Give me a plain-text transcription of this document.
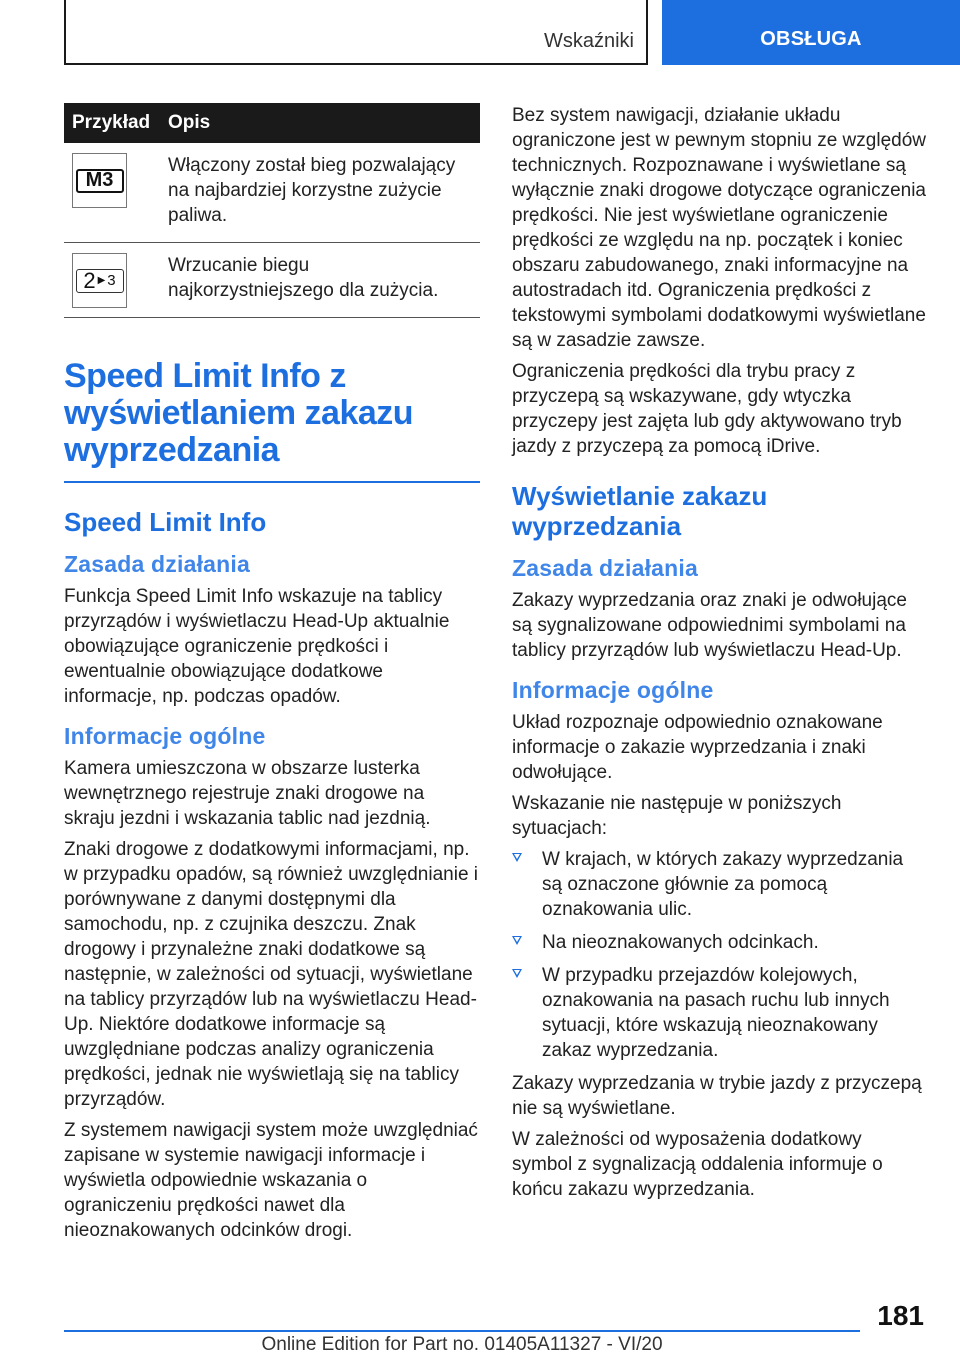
Wskaźniki	OBSŁUGA
Przykład	Opis

M3	Włączony został bieg pozwalający na najbardziej korzystne zużycie paliwa.

2 ▶ 3	Wrzucanie biegu najkorzystniejszego dla zużycia.
Speed Limit Info z wyświetlaniem zakazu wyprzedzania
Speed Limit Info
Zasada działania

Funkcja Speed Limit Info wskazuje na tablicy przyrządów i wyświetlaczu Head-Up aktualnie obowiązujące ograniczenie prędkości i ewentualnie obowiązujące dodatkowe informacje, np. podczas opadów.

Informacje ogólne

Kamera umieszczona w obszarze lusterka wewnętrznego rejestruje znaki drogowe na skraju jezdni i wskazania tablic nad jezdnią.

Znaki drogowe z dodatkowymi informacjami, np. w przypadku opadów, są również uwzględnianie i porównywane z danymi dostępnymi dla samochodu, np. z czujnika deszczu. Znak drogowy i przynależne znaki dodatkowe są następnie, w zależności od sytuacji, wyświetlane na tablicy przyrządów lub na wyświetlaczu Head-Up. Niektóre dodatkowe informacje są uwzględniane podczas analizy ograniczenia prędkości, jednak nie wyświetlają się na tablicy przyrządów.

Z systemem nawigacji system może uwzględniać zapisane w systemie nawigacji informacje i wyświetla odpowiednie wskazania o ograniczeniu prędkości nawet dla nieoznakowanych odcinków drogi.

Bez system nawigacji, działanie układu ograniczone jest w pewnym stopniu ze względów technicznych. Rozpoznawane i wyświetlane są wyłącznie znaki drogowe dotyczące ograniczenia prędkości. Nie jest wyświetlane ograniczenie prędkości ze względu na np. początek i koniec obszaru zabudowanego, znaki informacyjne na autostradach itd. Ograniczenia prędkości z tekstowymi symbolami dodatkowymi wyświetlane są w zasadzie zawsze.

Ograniczenia prędkości dla trybu pracy z przyczepą są wskazywane, gdy wtyczka przyczepy jest zajęta lub gdy aktywowano tryb jazdy z przyczepą za pomocą iDrive.

Wyświetlanie zakazu wyprzedzania
Zasada działania

Zakazy wyprzedzania oraz znaki je odwołujące są sygnalizowane odpowiednimi symbolami na tablicy przyrządów lub wyświetlaczu Head-Up.

Informacje ogólne

Układ rozpoznaje odpowiednio oznakowane informacje o zakazie wyprzedzania i znaki odwołujące.

Wskazanie nie następuje w poniższych sytuacjach:

W krajach, w których zakazy wyprzedzania są oznaczone głównie za pomocą oznakowania ulic.
Na nieoznakowanych odcinkach.
W przypadku przejazdów kolejowych, oznakowania na pasach ruchu lub innych sytuacji, które wskazują nieoznakowany zakaz wyprzedzania.

Zakazy wyprzedzania w trybie jazdy z przyczepą nie są wyświetlane.

W zależności od wyposażenia dodatkowy symbol z sygnalizacją oddalenia informuje o końcu zakazu wyprzedzania.

181
Online Edition for Part no. 01405A11327 - VI/20
